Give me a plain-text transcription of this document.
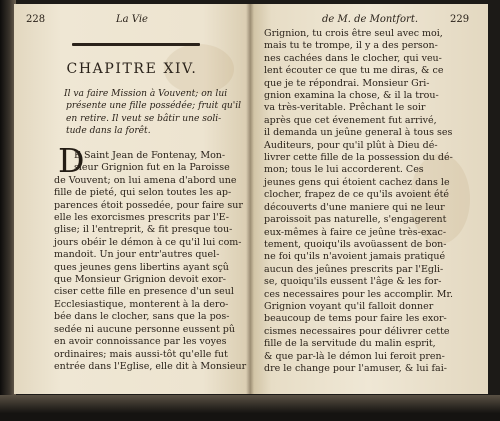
228	La Vie
CHAPITRE XIV.
Il va faire Mission à Vouvent; on lui
présente une fille possédée; fruit qu'il
en retire. Il veut se bâtir une soli-
tude dans la forêt.
D
E Saint Jean de Fontenay, Mon-
sieur Grignion fut en la Paroisse
de Vouvent; on lui amena d'abord une
fille de pieté, qui selon toutes les ap-
parences étoit possedée, pour faire sur
elle les exorcismes prescrits par l'E-
glise; il l'entreprit, & fit presque tou-
jours obéir le démon à ce qu'il lui com-
mandoit. Un jour entr'autres quel-
ques jeunes gens libertins ayant sçû
que Monsieur Grignion devoit exor-
ciser cette fille en presence d'un seul
Ecclesiastique, monterent à la dero-
bée dans le clocher, sans que la pos-
sedée ni aucune personne eussent pû
en avoir connoissance par les voyes
ordinaires; mais aussi-tôt qu'elle fut
entrée dans l'Eglise, elle dit à Monsieur
de M. de Montfort.	229
Grignion, tu crois être seul avec moi,
mais tu te trompe, il y a des person-
nes cachées dans le clocher, qui veu-
lent écouter ce que tu me diras, & ce
que je te répondrai. Monsieur Gri-
gnion examina la chose, & il la trou-
va très-veritable. Prêchant le soir
après que cet évenement fut arrivé,
il demanda un jeûne general à tous ses
Auditeurs, pour qu'il plût à Dieu dé-
livrer cette fille de la possession du dé-
mon; tous le lui accorderent. Ces
jeunes gens qui étoient cachez dans le
clocher, frapez de ce qu'ils avoient été
découverts d'une maniere qui ne leur
paroissoit pas naturelle, s'engagerent
eux-mêmes à faire ce jeûne très-exac-
tement, quoiqu'ils avoüassent de bon-
ne foi qu'ils n'avoient jamais pratiqué
aucun des jeûnes prescrits par l'Egli-
se, quoiqu'ils eussent l'âge & les for-
ces necessaires pour les accomplir. Mr.
Grignion voyant qu'il falloit donner
beaucoup de tems pour faire les exor-
cismes necessaires pour délivrer cette
fille de la servitude du malin esprit,
& que par-là le démon lui feroit pren-
dre le change pour l'amuser, & lui fai-
